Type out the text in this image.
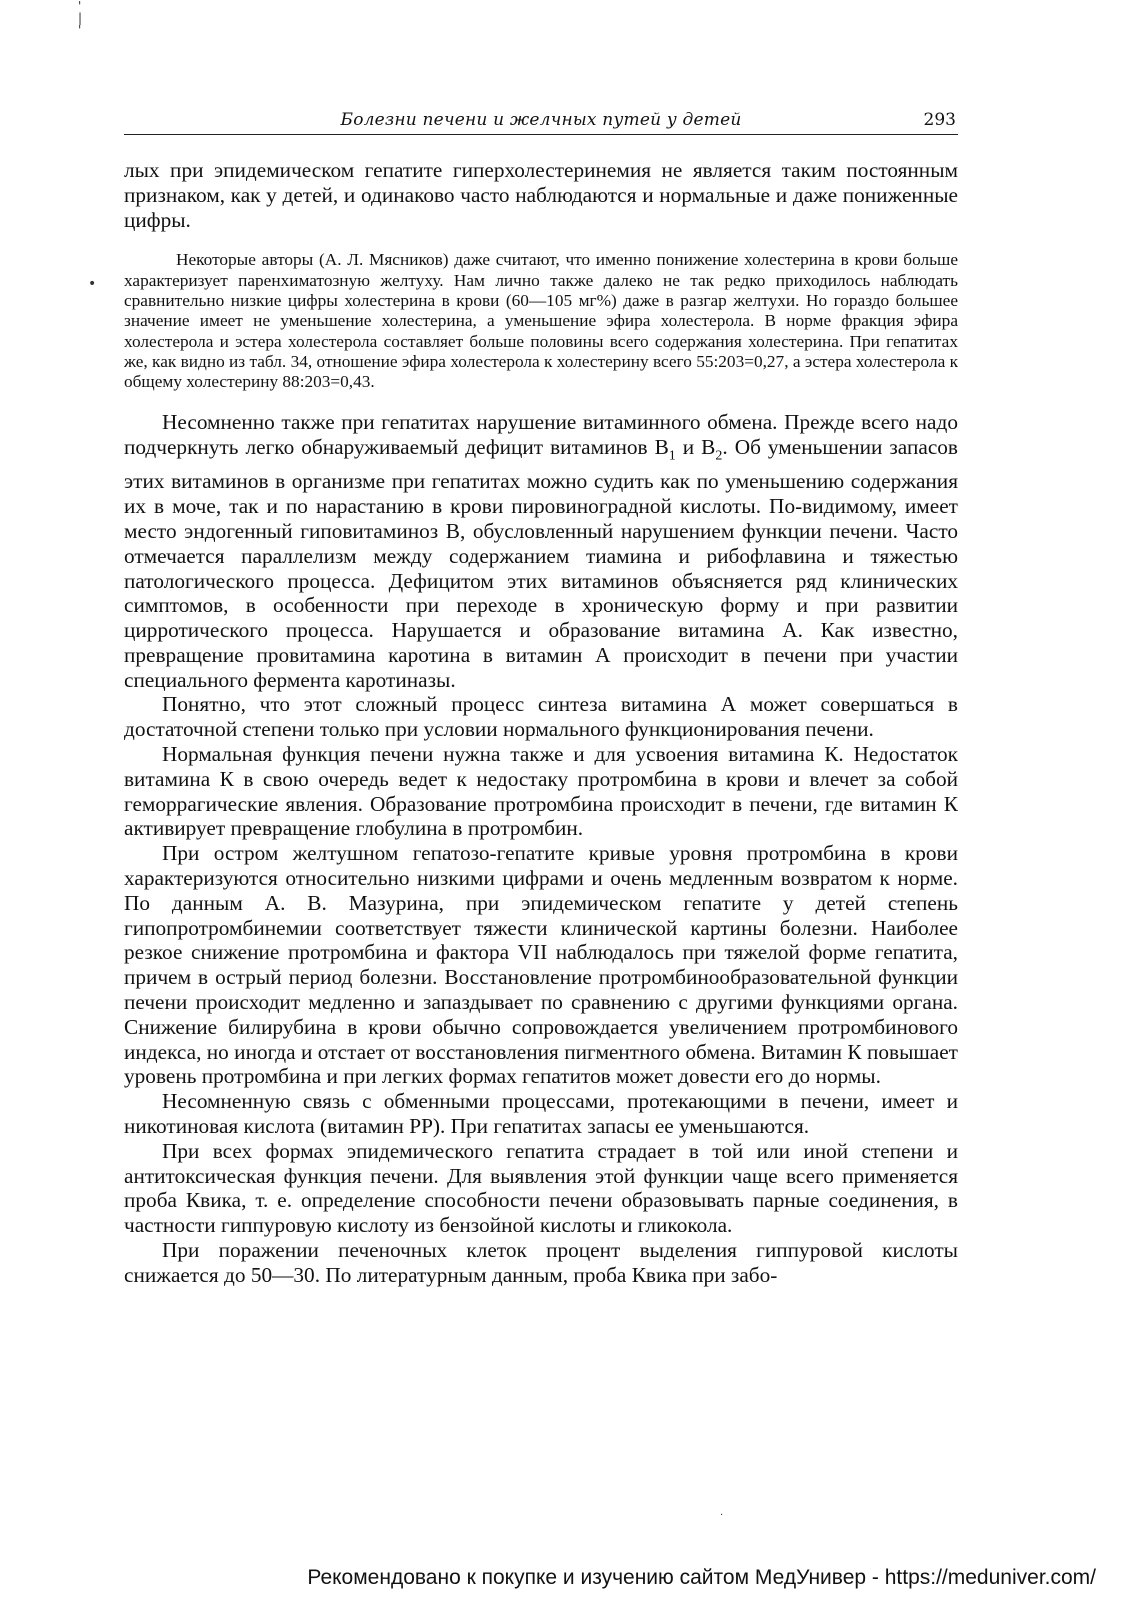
'
|
'
Болезни печени и желчных путей у детей	293
•

лых при эпидемическом гепатите гиперхолестеринемия не является таким постоянным признаком, как у детей, и одинаково часто наблюдаются и нормальные и даже пониженные цифры.

Некоторые авторы (А. Л. Мясников) даже считают, что именно понижение холестерина в крови больше характеризует паренхиматозную желтуху. Нам лично также далеко не так редко приходилось наблюдать сравнительно низкие цифры холестерина в крови (60—105 мг%) даже в разгар желтухи. Но гораздо большее значение имеет не уменьшение холестерина, а уменьшение эфира холестерола. В норме фракция эфира холестерола и эстера холестерола составляет больше половины всего содержания холестерина. При гепатитах же, как видно из табл. 34, отношение эфира холестерола к холестерину всего 55:203=0,27, а эстера холестерола к общему холестерину 88:203=0,43.

Несомненно также при гепатитах нарушение витаминного обмена. Прежде всего надо подчеркнуть легко обнаруживаемый дефицит витаминов $B_1$ и $B_2$. Об уменьшении запасов этих витаминов в организме при гепатитах можно судить как по уменьшению содержания их в моче, так и по нарастанию в крови пировиноградной кислоты. По-видимому, имеет место эндогенный гиповитаминоз B, обусловленный нарушением функции печени. Часто отмечается параллелизм между содержанием тиамина и рибофлавина и тяжестью патологического процесса. Дефицитом этих витаминов объясняется ряд клинических симптомов, в особенности при переходе в хроническую форму и при развитии цирротического процесса. Нарушается и образование витамина А. Как известно, превращение провитамина каротина в витамин А происходит в печени при участии специального фермента каротиназы.

Понятно, что этот сложный процесс синтеза витамина А может совершаться в достаточной степени только при условии нормального функционирования печени.

Нормальная функция печени нужна также и для усвоения витамина К. Недостаток витамина К в свою очередь ведет к недостаку протромбина в крови и влечет за собой геморрагические явления. Образование протромбина происходит в печени, где витамин К активирует превращение глобулина в протромбин.

При остром желтушном гепатозо-гепатите кривые уровня протромбина в крови характеризуются относительно низкими цифрами и очень медленным возвратом к норме. По данным А. В. Мазурина, при эпидемическом гепатите у детей степень гипопротромбинемии соответствует тяжести клинической картины болезни. Наиболее резкое снижение протромбина и фактора VII наблюдалось при тяжелой форме гепатита, причем в острый период болезни. Восстановление протромбинообразовательной функции печени происходит медленно и запаздывает по сравнению с другими функциями органа. Снижение билирубина в крови обычно сопровождается увеличением протромбинового индекса, но иногда и отстает от восстановления пигментного обмена. Витамин К повышает уровень протромбина и при легких формах гепатитов может довести его до нормы.

Несомненную связь с обменными процессами, протекающими в печени, имеет и никотиновая кислота (витамин РР). При гепатитах запасы ее уменьшаются.

При всех формах эпидемического гепатита страдает в той или иной степени и антитоксическая функция печени. Для выявления этой функции чаще всего применяется проба Квика, т. е. определение способности печени образовывать парные соединения, в частности гиппуровую кислоту из бензойной кислоты и гликокола.

При поражении печеночных клеток процент выделения гиппуровой кислоты снижается до 50—30. По литературным данным, проба Квика при забо-

·
Рекомендовано к покупке и изучению сайтом МедУнивер - https://meduniver.com/
